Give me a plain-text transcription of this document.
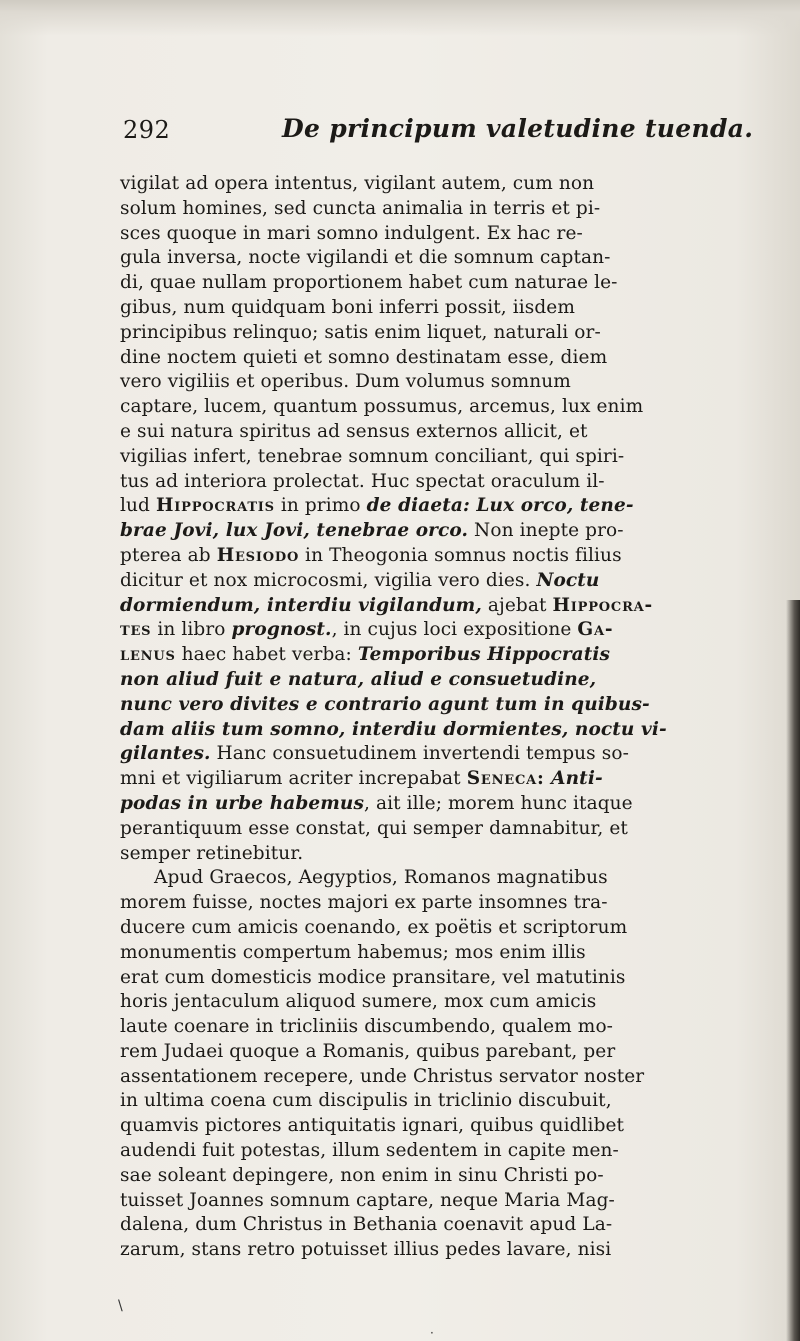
292	De principum valetudine tuenda.
vigilat ad opera intentus, vigilant autem, cum non
solum homines, sed cuncta animalia in terris et pi-
sces quoque in mari somno indulgent. Ex hac re-
gula inversa, nocte vigilandi et die somnum captan-
di, quae nullam proportionem habet cum naturae le-
gibus, num quidquam boni inferri possit, iisdem
principibus relinquo; satis enim liquet, naturali or-
dine noctem quieti et somno destinatam esse, diem
vero vigiliis et operibus. Dum volumus somnum
captare, lucem, quantum possumus, arcemus, lux enim
e sui natura spiritus ad sensus externos allicit, et
vigilias infert, tenebrae somnum conciliant, qui spiri-
tus ad interiora prolectat. Huc spectat oraculum il-
lud Hippocratis in primo de diaeta: Lux orco, tene-
brae Jovi, lux Jovi, tenebrae orco. Non inepte pro-
pterea ab Hesiodo in Theogonia somnus noctis filius
dicitur et nox microcosmi, vigilia vero dies. Noctu
dormiendum, interdiu vigilandum, ajebat Hippocra-
tes in libro prognost., in cujus loci expositione Ga-
lenus haec habet verba: Temporibus Hippocratis
non aliud fuit e natura, aliud e consuetudine,
nunc vero divites e contrario agunt tum in quibus-
dam aliis tum somno, interdiu dormientes, noctu vi-
gilantes. Hanc consuetudinem invertendi tempus so-
mni et vigiliarum acriter increpabat Seneca: Anti-
podas in urbe habemus, ait ille; morem hunc itaque
perantiquum esse constat, qui semper damnabitur, et
semper retinebitur.
Apud Graecos, Aegyptios, Romanos magnatibus
morem fuisse, noctes majori ex parte insomnes tra-
ducere cum amicis coenando, ex poëtis et scriptorum
monumentis compertum habemus; mos enim illis
erat cum domesticis modice pransitare, vel matutinis
horis jentaculum aliquod sumere, mox cum amicis
laute coenare in tricliniis discumbendo, qualem mo-
rem Judaei quoque a Romanis, quibus parebant, per
assentationem recepere, unde Christus servator noster
in ultima coena cum discipulis in triclinio discubuit,
quamvis pictores antiquitatis ignari, quibus quidlibet
audendi fuit potestas, illum sedentem in capite men-
sae soleant depingere, non enim in sinu Christi po-
tuisset Joannes somnum captare, neque Maria Mag-
dalena, dum Christus in Bethania coenavit apud La-
zarum, stans retro potuisset illius pedes lavare, nisi
\
·
